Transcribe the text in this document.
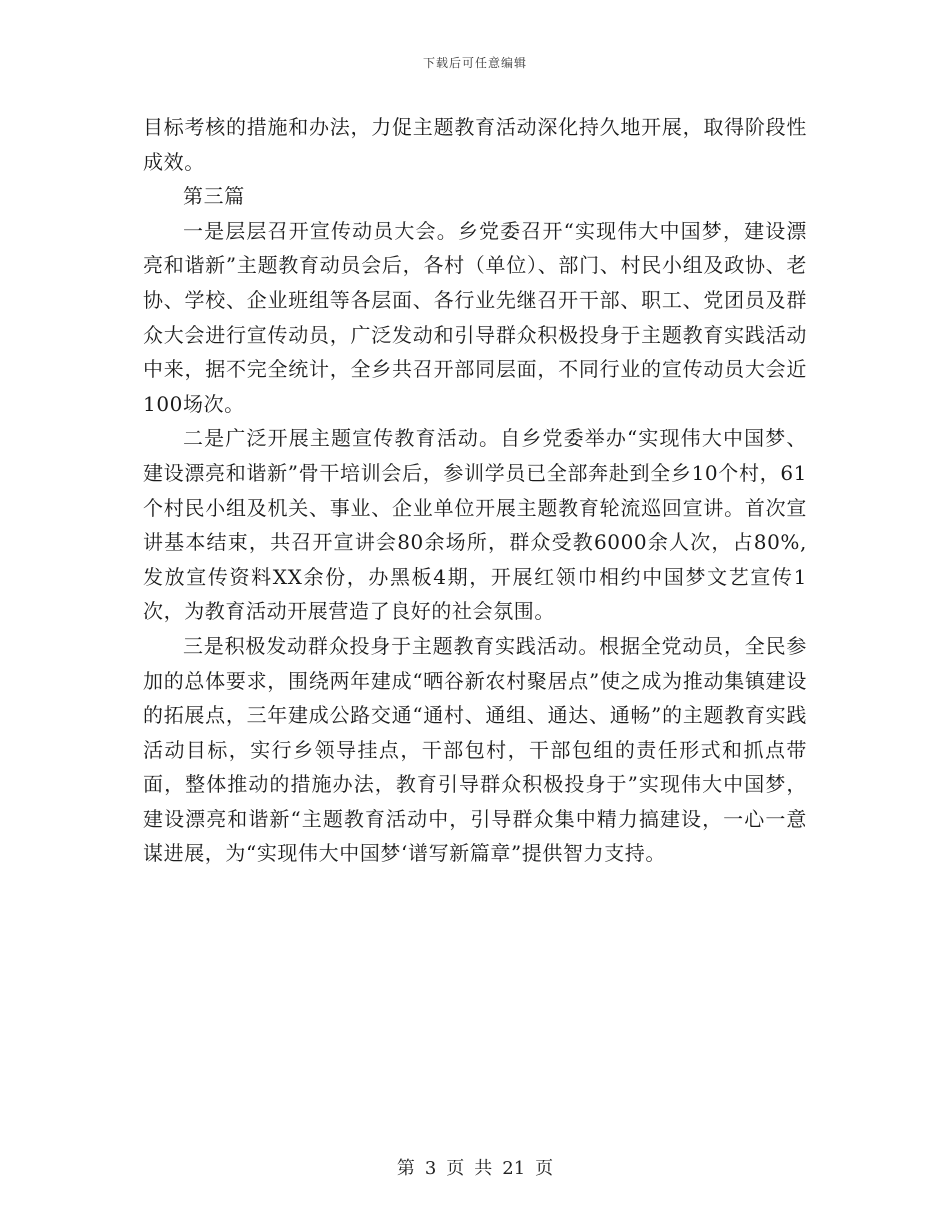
下载后可任意编辑

目标考核的措施和办法，力促主题教育活动深化持久地开展，取得阶段性成效。

第三篇

一是层层召开宣传动员大会。乡党委召开“实现伟大中国梦，建设漂亮和谐新”主题教育动员会后，各村（单位）、部门、村民小组及政协、老协、学校、企业班组等各层面、各行业先继召开干部、职工、党团员及群众大会进行宣传动员，广泛发动和引导群众积极投身于主题教育实践活动中来，据不完全统计，全乡共召开部同层面，不同行业的宣传动员大会近100场次。

二是广泛开展主题宣传教育活动。自乡党委举办“实现伟大中国梦、建设漂亮和谐新”骨干培训会后，参训学员已全部奔赴到全乡10个村，61个村民小组及机关、事业、企业单位开展主题教育轮流巡回宣讲。首次宣讲基本结束，共召开宣讲会80余场所，群众受教6000余人次，占80%,发放宣传资料XX余份，办黑板4期，开展红领巾相约中国梦文艺宣传1次，为教育活动开展营造了良好的社会氛围。

三是积极发动群众投身于主题教育实践活动。根据全党动员，全民参加的总体要求，围绕两年建成“晒谷新农村聚居点”使之成为推动集镇建设的拓展点，三年建成公路交通“通村、通组、通达、通畅”的主题教育实践活动目标，实行乡领导挂点，干部包村，干部包组的责任形式和抓点带面，整体推动的措施办法，教育引导群众积极投身于”实现伟大中国梦，建设漂亮和谐新“主题教育活动中，引导群众集中精力搞建设，一心一意谋进展，为“实现伟大中国梦‘谱写新篇章”提供智力支持。

第 3 页 共 21 页
